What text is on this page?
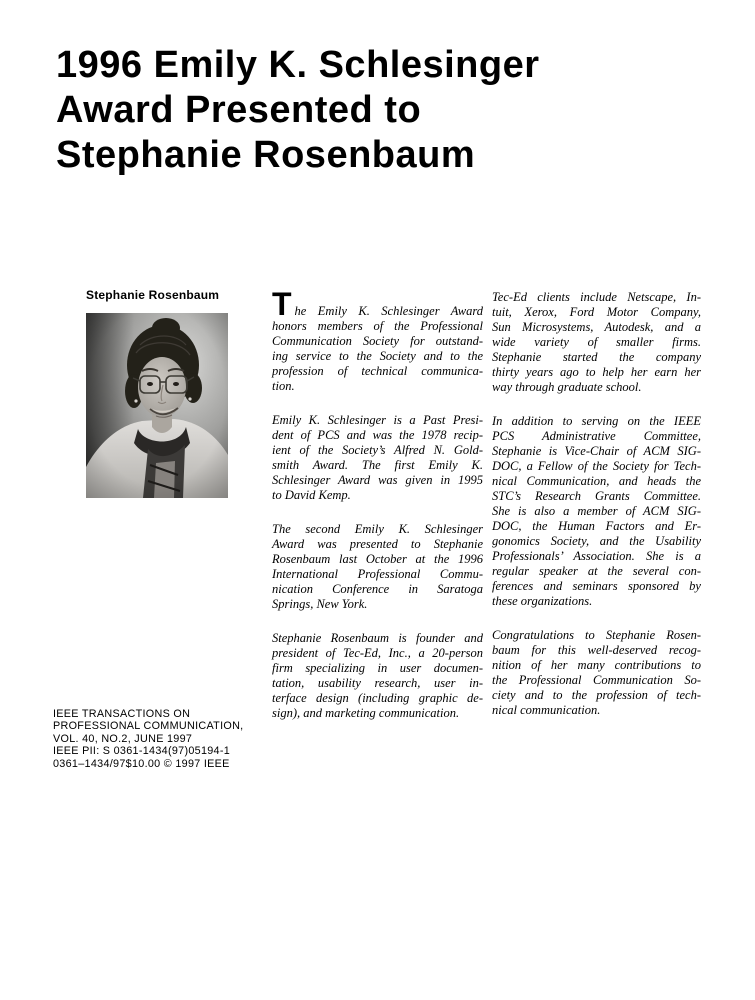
1996 Emily K. Schlesinger
Award Presented to
Stephanie Rosenbaum
Stephanie Rosenbaum The Emily K. Schlesinger Award
honors members of the Professional
Communication Society for outstand-
ing service to the Society and to the
profession of technical communica-
tion.
Emily K. Schlesinger is a Past Presi-
dent of PCS and was the 1978 recip-
ient of the Society’s Alfred N. Gold-
smith Award. The first Emily K.
Schlesinger Award was given in 1995
to David Kemp.
The second Emily K. Schlesinger
Award was presented to Stephanie
Rosenbaum last October at the 1996
International Professional Commu-
nication Conference in Saratoga
Springs, New York.
Stephanie Rosenbaum is founder and
president of Tec-Ed, Inc., a 20-person
firm specializing in user documen-
tation, usability research, user in-
terface design (including graphic de-
sign), and marketing communication.
Tec-Ed clients include Netscape, In-
tuit, Xerox, Ford Motor Company,
Sun Microsystems, Autodesk, and a
wide variety of smaller firms.
Stephanie started the company
thirty years ago to help her earn her
way through graduate school.
In addition to serving on the IEEE
PCS Administrative Committee,
Stephanie is Vice-Chair of ACM SIG-
DOC, a Fellow of the Society for Tech-
nical Communication, and heads the
STC’s Research Grants Committee.
She is also a member of ACM SIG-
DOC, the Human Factors and Er-
gonomics Society, and the Usability
Professionals’ Association. She is a
regular speaker at the several con-
ferences and seminars sponsored by
these organizations.
Congratulations to Stephanie Rosen-
baum for this well-deserved recog-
nition of her many contributions to
the Professional Communication So-
ciety and to the profession of tech-
nical communication.
IEEE TRANSACTIONS ON
PROFESSIONAL COMMUNICATION,
VOL. 40, NO.2, JUNE 1997
IEEE PII: S 0361-1434(97)05194-1
0361–1434/97$10.00 © 1997 IEEE
